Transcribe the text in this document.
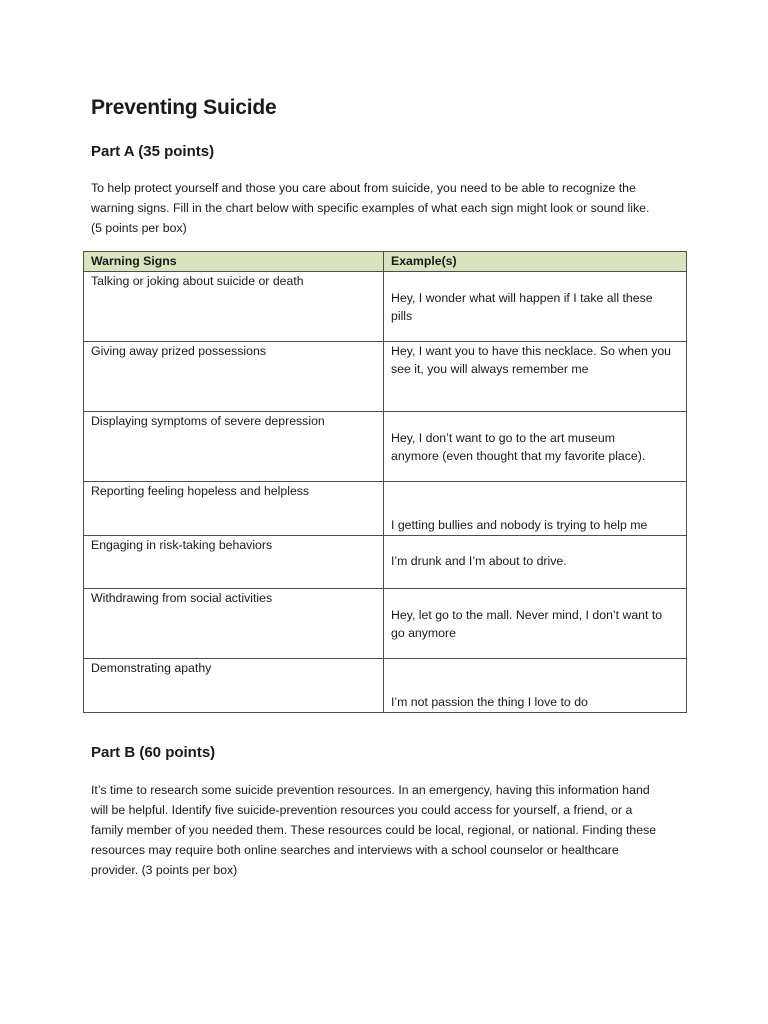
Preventing Suicide
Part A (35 points)
To help protect yourself and those you care about from suicide, you need to be able to recognize the
warning signs. Fill in the chart below with specific examples of what each sign might look or sound like.
(5 points per box)
Warning Signs	Example(s)

Talking or joking about suicide or death	Hey, I wonder what will happen if I take all these
pills

Giving away prized possessions	Hey, I want you to have this necklace. So when you
see it, you will always remember me

Displaying symptoms of severe depression	Hey, I don’t want to go to the art museum
anymore (even thought that my favorite place).

Reporting feeling hopeless and helpless	I getting bullies and nobody is trying to help me

Engaging in risk-taking behaviors	I’m drunk and I’m about to drive.

Withdrawing from social activities	Hey, let go to the mall. Never mind, I don’t want to
go anymore

Demonstrating apathy	I’m not passion the thing I love to do
Part B (60 points)
It’s time to research some suicide prevention resources. In an emergency, having this information hand
will be helpful. Identify five suicide-prevention resources you could access for yourself, a friend, or a
family member of you needed them. These resources could be local, regional, or national. Finding these
resources may require both online searches and interviews with a school counselor or healthcare
provider. (3 points per box)
